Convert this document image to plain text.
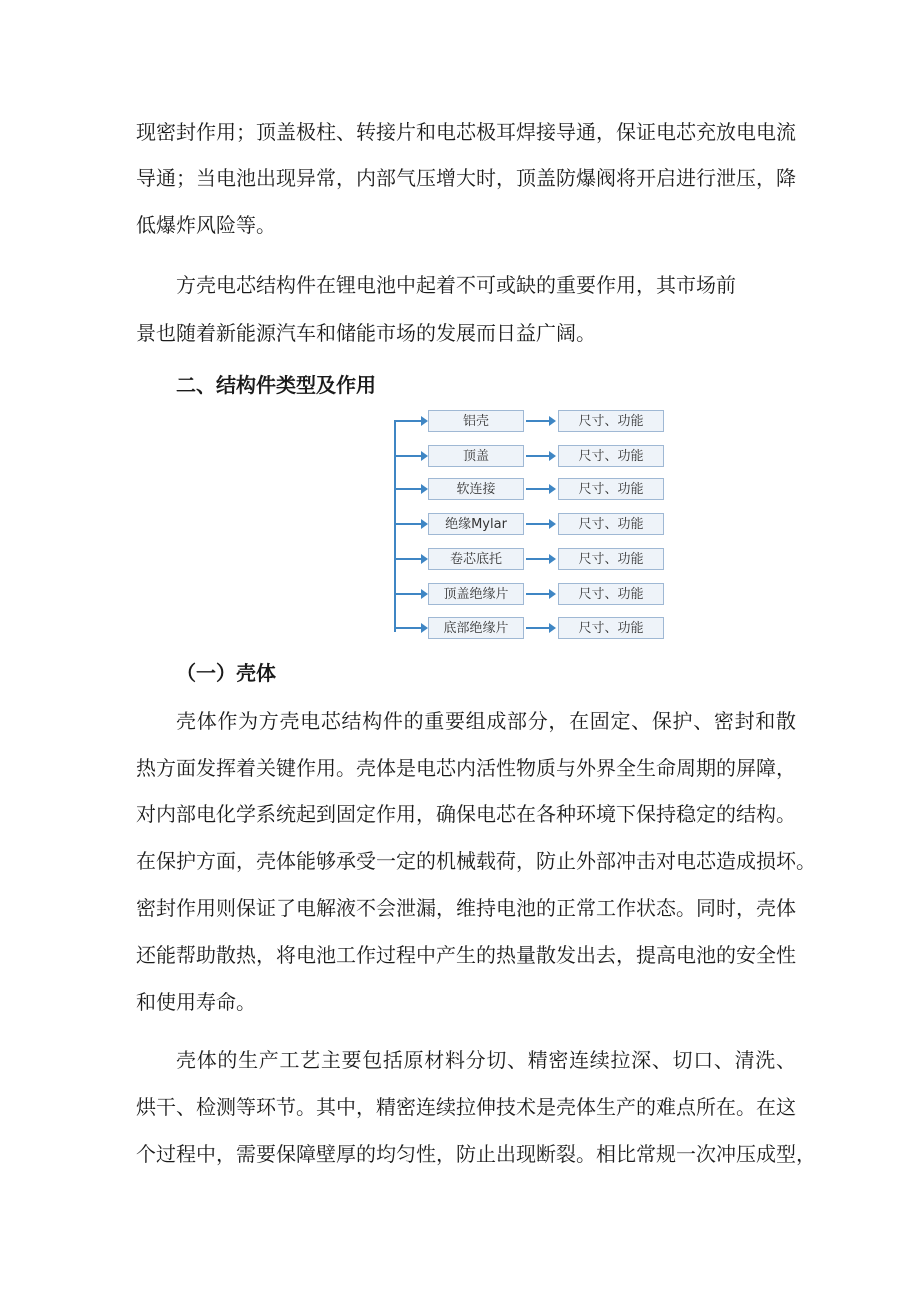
现密封作用；顶盖极柱、转接片和电芯极耳焊接导通，保证电芯充放电电流
导通；当电池出现异常，内部气压增大时，顶盖防爆阀将开启进行泄压，降
低爆炸风险等。
方壳电芯结构件在锂电池中起着不可或缺的重要作用，其市场前
景也随着新能源汽车和储能市场的发展而日益广阔。
二、结构件类型及作用
铝壳	尺寸、功能
顶盖	尺寸、功能
软连接	尺寸、功能
绝缘Mylar	尺寸、功能
卷芯底托	尺寸、功能
顶盖绝缘片	尺寸、功能
底部绝缘片	尺寸、功能
（一）壳体
壳体作为方壳电芯结构件的重要组成部分，在固定、保护、密封和散
热方面发挥着关键作用。壳体是电芯内活性物质与外界全生命周期的屏障，
对内部电化学系统起到固定作用，确保电芯在各种环境下保持稳定的结构。
在保护方面，壳体能够承受一定的机械载荷，防止外部冲击对电芯造成损坏。
密封作用则保证了电解液不会泄漏，维持电池的正常工作状态。同时，壳体
还能帮助散热，将电池工作过程中产生的热量散发出去，提高电池的安全性
和使用寿命。
壳体的生产工艺主要包括原材料分切、精密连续拉深、切口、清洗、
烘干、检测等环节。其中，精密连续拉伸技术是壳体生产的难点所在。在这
个过程中，需要保障壁厚的均匀性，防止出现断裂。相比常规一次冲压成型，
